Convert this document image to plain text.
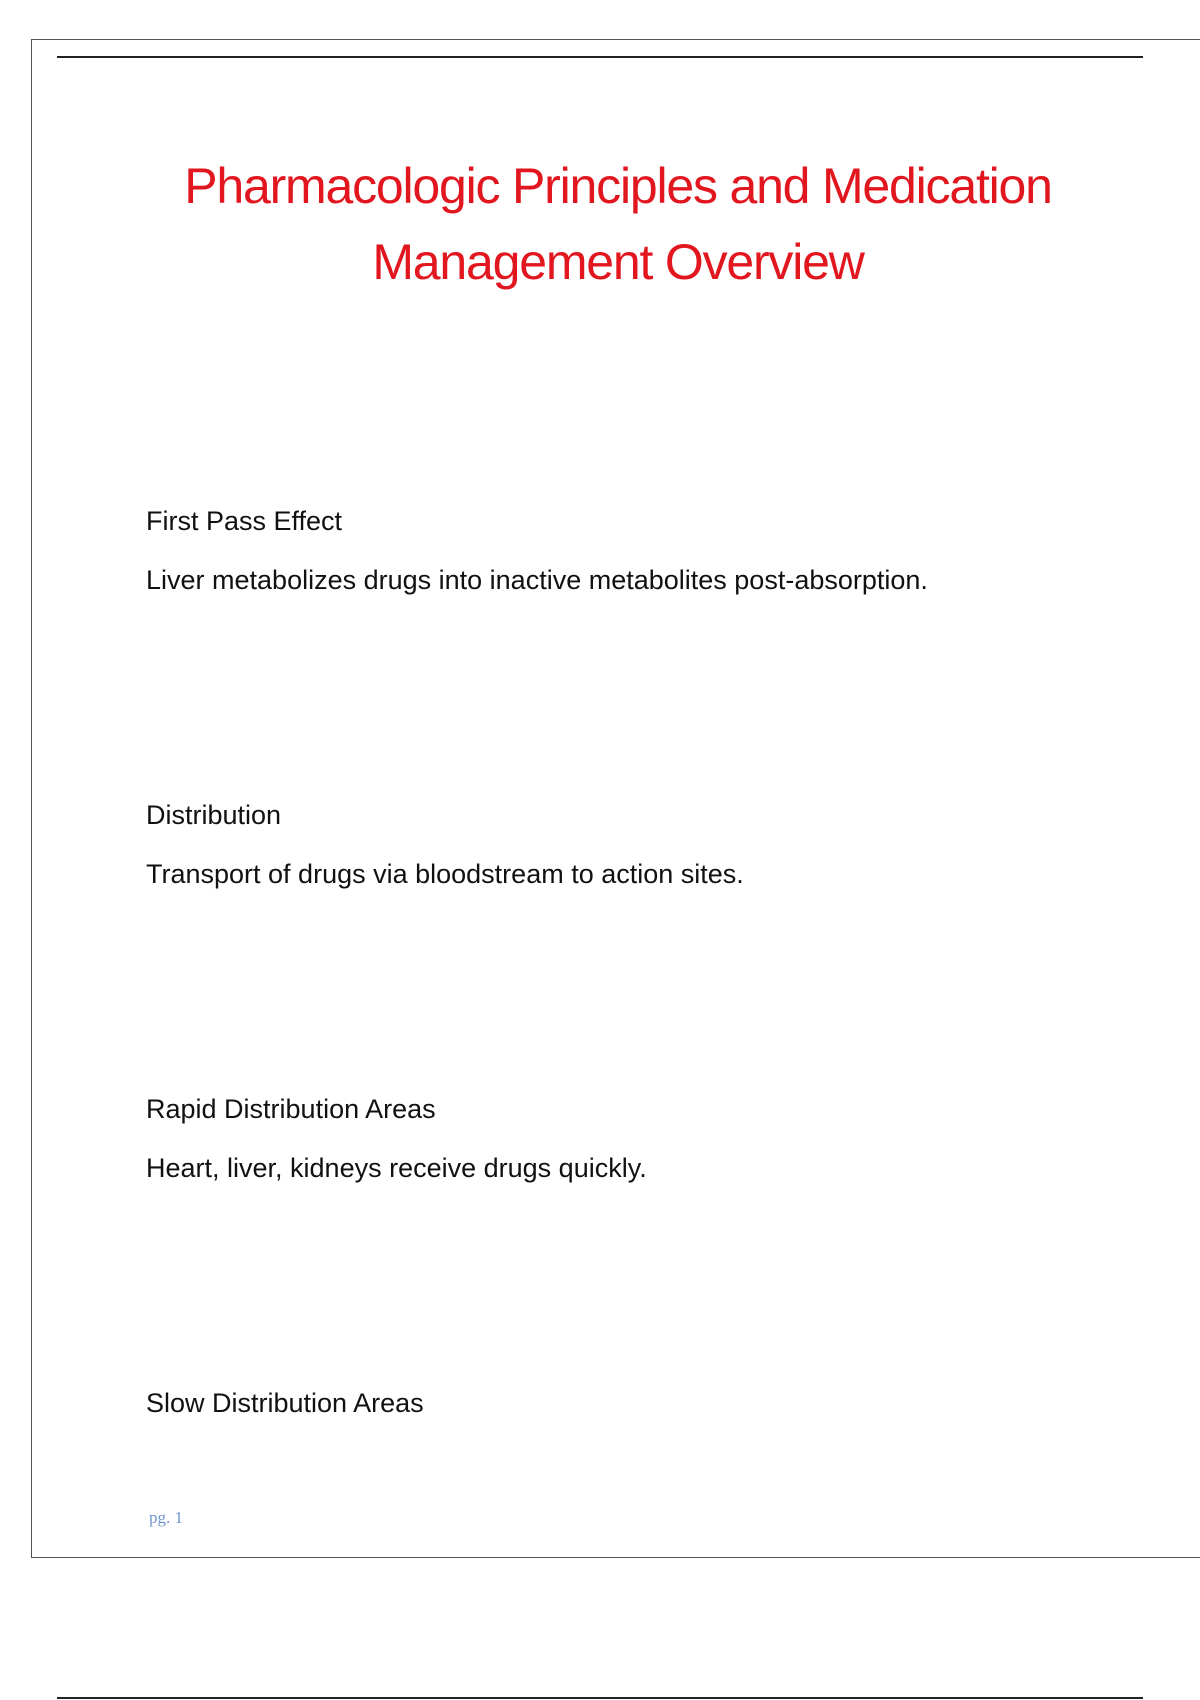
Pharmacologic Principles and Medication Management Overview

First Pass Effect

Liver metabolizes drugs into inactive metabolites post-absorption.

Distribution

Transport of drugs via bloodstream to action sites.

Rapid Distribution Areas

Heart, liver, kidneys receive drugs quickly.

Slow Distribution Areas

pg. 1
